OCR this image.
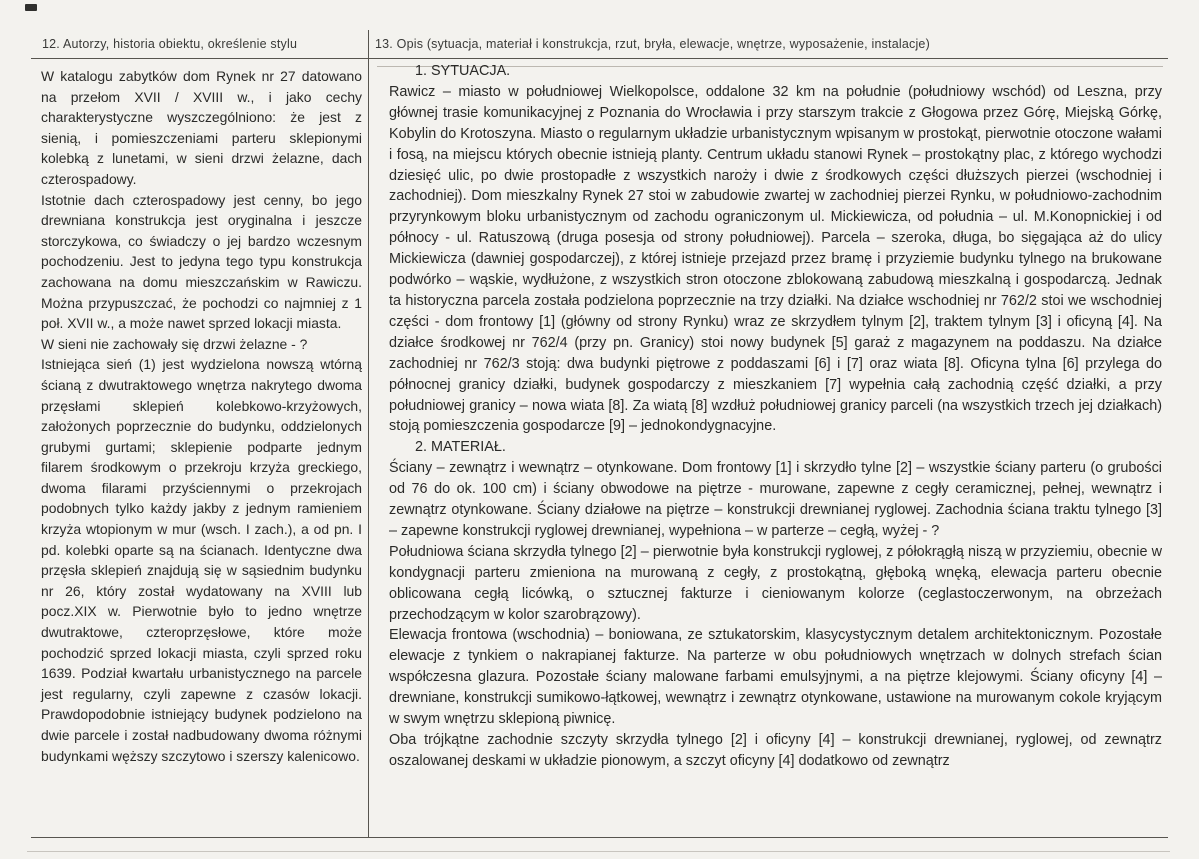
12. Autorzy, historia obiektu, określenie stylu	13. Opis (sytuacja, materiał i konstrukcja, rzut, bryła, elewacje, wnętrze, wyposażenie, instalacje)

W katalogu zabytków dom Rynek nr 27 datowano na przełom XVII / XVIII w., i jako cechy charakterystyczne wyszczególniono: że jest z sienią, i pomieszczeniami parteru sklepionymi kolebką z lunetami, w sieni drzwi żelazne, dach czterospadowy.

Istotnie dach czterospadowy jest cenny, bo jego drewniana konstrukcja jest oryginalna i jeszcze storczykowa, co świadczy o jej bardzo wczesnym pochodzeniu. Jest to jedyna tego typu konstrukcja zachowana na domu mieszczańskim w Rawiczu. Można przypuszczać, że pochodzi co najmniej z 1 poł. XVII w., a może nawet sprzed lokacji miasta.

W sieni nie zachowały się drzwi żelazne - ?

Istniejąca sień (1) jest wydzielona nowszą wtórną ścianą z dwutraktowego wnętrza nakrytego dwoma przęsłami sklepień kolebkowo-krzyżowych, założonych poprzecznie do budynku, oddzielonych grubymi gurtami; sklepienie podparte jednym filarem środkowym o przekroju krzyża greckiego, dwoma filarami przyściennymi o przekrojach podobnych tylko każdy jakby z jednym ramieniem krzyża wtopionym w mur (wsch. I zach.), a od pn. I pd. kolebki oparte są na ścianach. Identyczne dwa przęsła sklepień znajdują się w sąsiednim budynku nr 26, który został wydatowany na XVIII lub pocz.XIX w. Pierwotnie było to jedno wnętrze dwutraktowe, czteroprzęsłowe, które może pochodzić sprzed lokacji miasta, czyli sprzed roku 1639. Podział kwartału urbanistycznego na parcele jest regularny, czyli zapewne z czasów lokacji. Prawdopodobnie istniejący budynek podzielono na dwie parcele i został nadbudowany dwoma różnymi budynkami węższy szczytowo i szerszy kalenicowo.

1. SYTUACJA.

Rawicz – miasto w południowej Wielkopolsce, oddalone 32 km na południe (południowy wschód) od Leszna, przy głównej trasie komunikacyjnej z Poznania do Wrocławia i przy starszym trakcie z Głogowa przez Górę, Miejską Górkę, Kobylin do Krotoszyna. Miasto o regularnym układzie urbanistycznym wpisanym w prostokąt, pierwotnie otoczone wałami i fosą, na miejscu których obecnie istnieją planty. Centrum układu stanowi Rynek – prostokątny plac, z którego wychodzi dziesięć ulic, po dwie prostopadłe z wszystkich naroży i dwie z środkowych części dłuższych pierzei (wschodniej i zachodniej). Dom mieszkalny Rynek 27 stoi w zabudowie zwartej w zachodniej pierzei Rynku, w południowo-zachodnim przyrynkowym bloku urbanistycznym od zachodu ograniczonym ul. Mickiewicza, od południa – ul. M.Konopnickiej i od północy - ul. Ratuszową (druga posesja od strony południowej). Parcela – szeroka, długa, bo sięgająca aż do ulicy Mickiewicza (dawniej gospodarczej), z której istnieje przejazd przez bramę i przyziemie budynku tylnego na brukowane podwórko – wąskie, wydłużone, z wszystkich stron otoczone zblokowaną zabudową mieszkalną i gospodarczą. Jednak ta historyczna parcela została podzielona poprzecznie na trzy działki. Na działce wschodniej nr 762/2 stoi we wschodniej części - dom frontowy [1] (główny od strony Rynku) wraz ze skrzydłem tylnym [2], traktem tylnym [3] i oficyną [4]. Na działce środkowej nr 762/4 (przy pn. Granicy) stoi nowy budynek [5] garaż z magazynem na poddaszu. Na działce zachodniej nr 762/3 stoją: dwa budynki piętrowe z poddaszami [6] i [7] oraz wiata [8]. Oficyna tylna [6] przylega do północnej granicy działki, budynek gospodarczy z mieszkaniem [7] wypełnia całą zachodnią część działki, a przy południowej granicy – nowa wiata [8]. Za wiatą [8] wzdłuż południowej granicy parceli (na wszystkich trzech jej działkach) stoją pomieszczenia gospodarcze [9] – jednokondygnacyjne.

2. MATERIAŁ.

Ściany – zewnątrz i wewnątrz – otynkowane. Dom frontowy [1] i skrzydło tylne [2] – wszystkie ściany parteru (o grubości od 76 do ok. 100 cm) i ściany obwodowe na piętrze - murowane, zapewne z cegły ceramicznej, pełnej, wewnątrz i zewnątrz otynkowane. Ściany działowe na piętrze – konstrukcji drewnianej ryglowej. Zachodnia ściana traktu tylnego [3] – zapewne konstrukcji ryglowej drewnianej, wypełniona – w parterze – cegłą, wyżej - ?

Południowa ściana skrzydła tylnego [2] – pierwotnie była konstrukcji ryglowej, z półokrągłą niszą w przyziemiu, obecnie w kondygnacji parteru zmieniona na murowaną z cegły, z prostokątną, głęboką wnęką, elewacja parteru obecnie oblicowana cegłą licówką, o sztucznej fakturze i cieniowanym kolorze (ceglastoczerwonym, na obrzeżach przechodzącym w kolor szarobrązowy).

Elewacja frontowa (wschodnia) – boniowana, ze sztukatorskim, klasycystycznym detalem architektonicznym. Pozostałe elewacje z tynkiem o nakrapianej fakturze. Na parterze w obu południowych wnętrzach w dolnych strefach ścian współczesna glazura. Pozostałe ściany malowane farbami emulsyjnymi, a na piętrze klejowymi. Ściany oficyny [4] – drewniane, konstrukcji sumikowo-łątkowej, wewnątrz i zewnątrz otynkowane, ustawione na murowanym cokole kryjącym w swym wnętrzu sklepioną piwnicę.

Oba trójkątne zachodnie szczyty skrzydła tylnego [2] i oficyny [4] – konstrukcji drewnianej, ryglowej, od zewnątrz oszalowanej deskami w układzie pionowym, a szczyt oficyny [4] dodatkowo od zewnątrz
